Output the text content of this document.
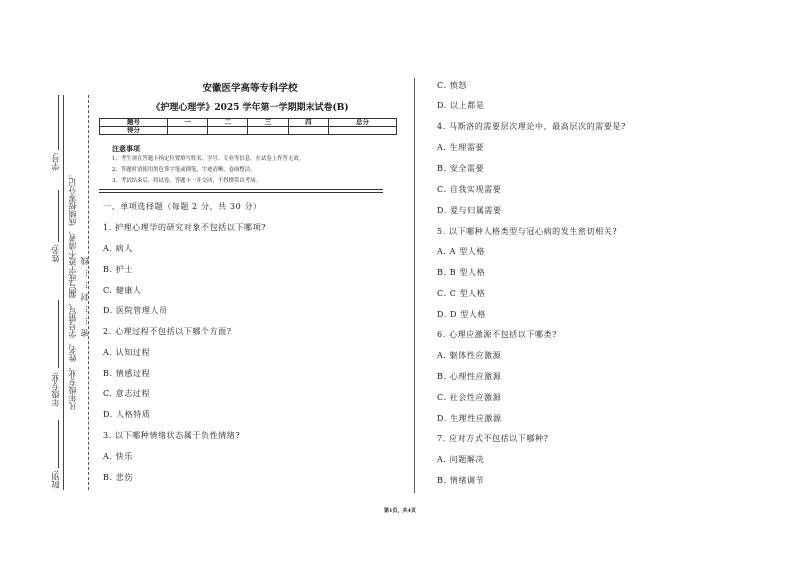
学号:
姓名:
年级专业:
院别:
凡年级专业、姓名、学号错写、漏写或字迹不清者，成绩按零分记。 密……封……线
安徽医学高等专科学校
《护理心理学》2025 学年第一学期期末试卷(B)
题号	一	二	三	四	总分
得分					
注意事项
1、考生须在答题卡指定位置填写姓名、学号、专业等信息，在试卷上作答无效。
2、答题时请使用黑色签字笔或钢笔，字迹清晰，卷面整洁。
3、考试结束后，将试卷、答题卡一并交回，不得携带出考场。
一、单项选择题（每题 2 分，共 30 分）
1. 护理心理学的研究对象不包括以下哪项?
A. 病人
B. 护士
C. 健康人
D. 医院管理人员
2. 心理过程不包括以下哪个方面?
A. 认知过程
B. 情感过程
C. 意志过程
D. 人格特质
3. 以下哪种情绪状态属于负性情绪?
A. 快乐
B. 悲伤
C. 愤怒
D. 以上都是
4. 马斯洛的需要层次理论中，最高层次的需要是?
A. 生理需要
B. 安全需要
C. 自我实现需要
D. 爱与归属需要
5. 以下哪种人格类型与冠心病的发生密切相关?
A. A 型人格
B. B 型人格
C. C 型人格
D. D 型人格
6. 心理应激源不包括以下哪类?
A. 躯体性应激源
B. 心理性应激源
C. 社会性应激源
D. 生理性应激源
7. 应对方式不包括以下哪种?
A. 问题解决
B. 情绪调节
第1页，共4页
